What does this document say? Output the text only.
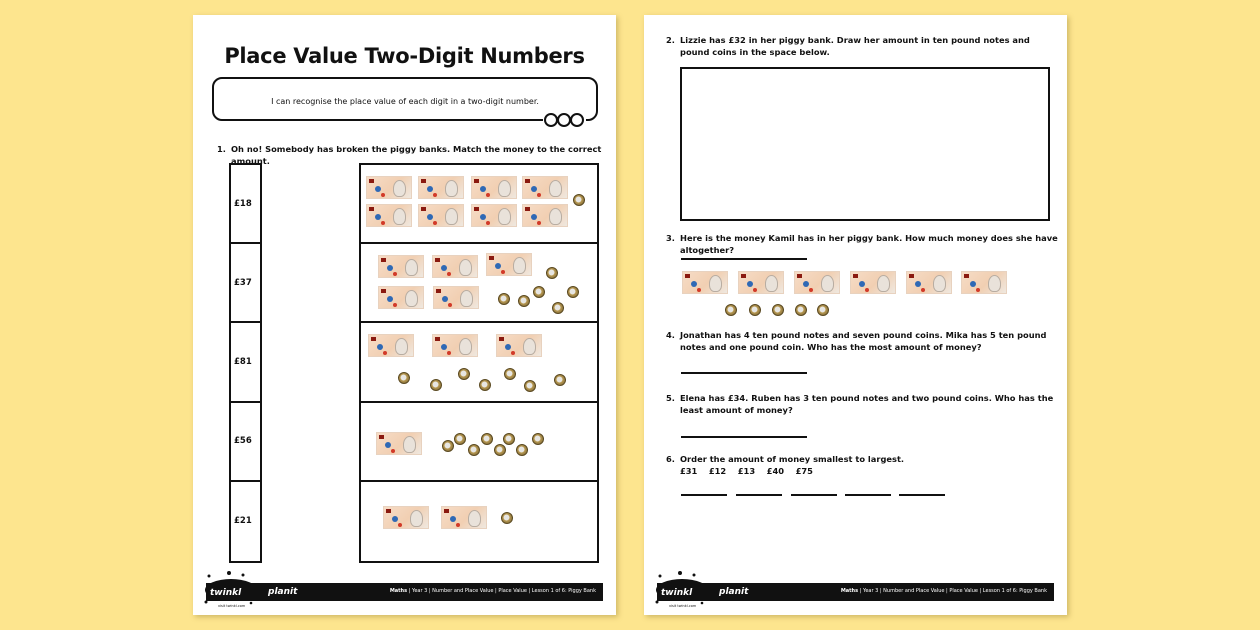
Place Value Two-Digit Numbers
I can recognise the place value of each digit in a two-digit number.
1. Oh no! Somebody has broken the piggy banks. Match the money to the correct amount.
£18
£37
£81
£56
£21
twinkl	planit
visit twinkl.com
Maths | Year 3 | Number and Place Value | Place Value | Lesson 1 of 6: Piggy Bank
2. Lizzie has £32 in her piggy bank. Draw her amount in ten pound notes and pound coins in the space below.
3. Here is the money Kamil has in her piggy bank. How much money does she have altogether?
4. Jonathan has 4 ten pound notes and seven pound coins. Mika has 5 ten pound notes and one pound coin. Who has the most amount of money?
5. Elena has £34. Ruben has 3 ten pound notes and two pound coins. Who has the least amount of money?
6. Order the amount of money smallest to largest.
£31 £12 £13 £40 £75
twinkl	planit
visit twinkl.com
Maths | Year 3 | Number and Place Value | Place Value | Lesson 1 of 6: Piggy Bank
